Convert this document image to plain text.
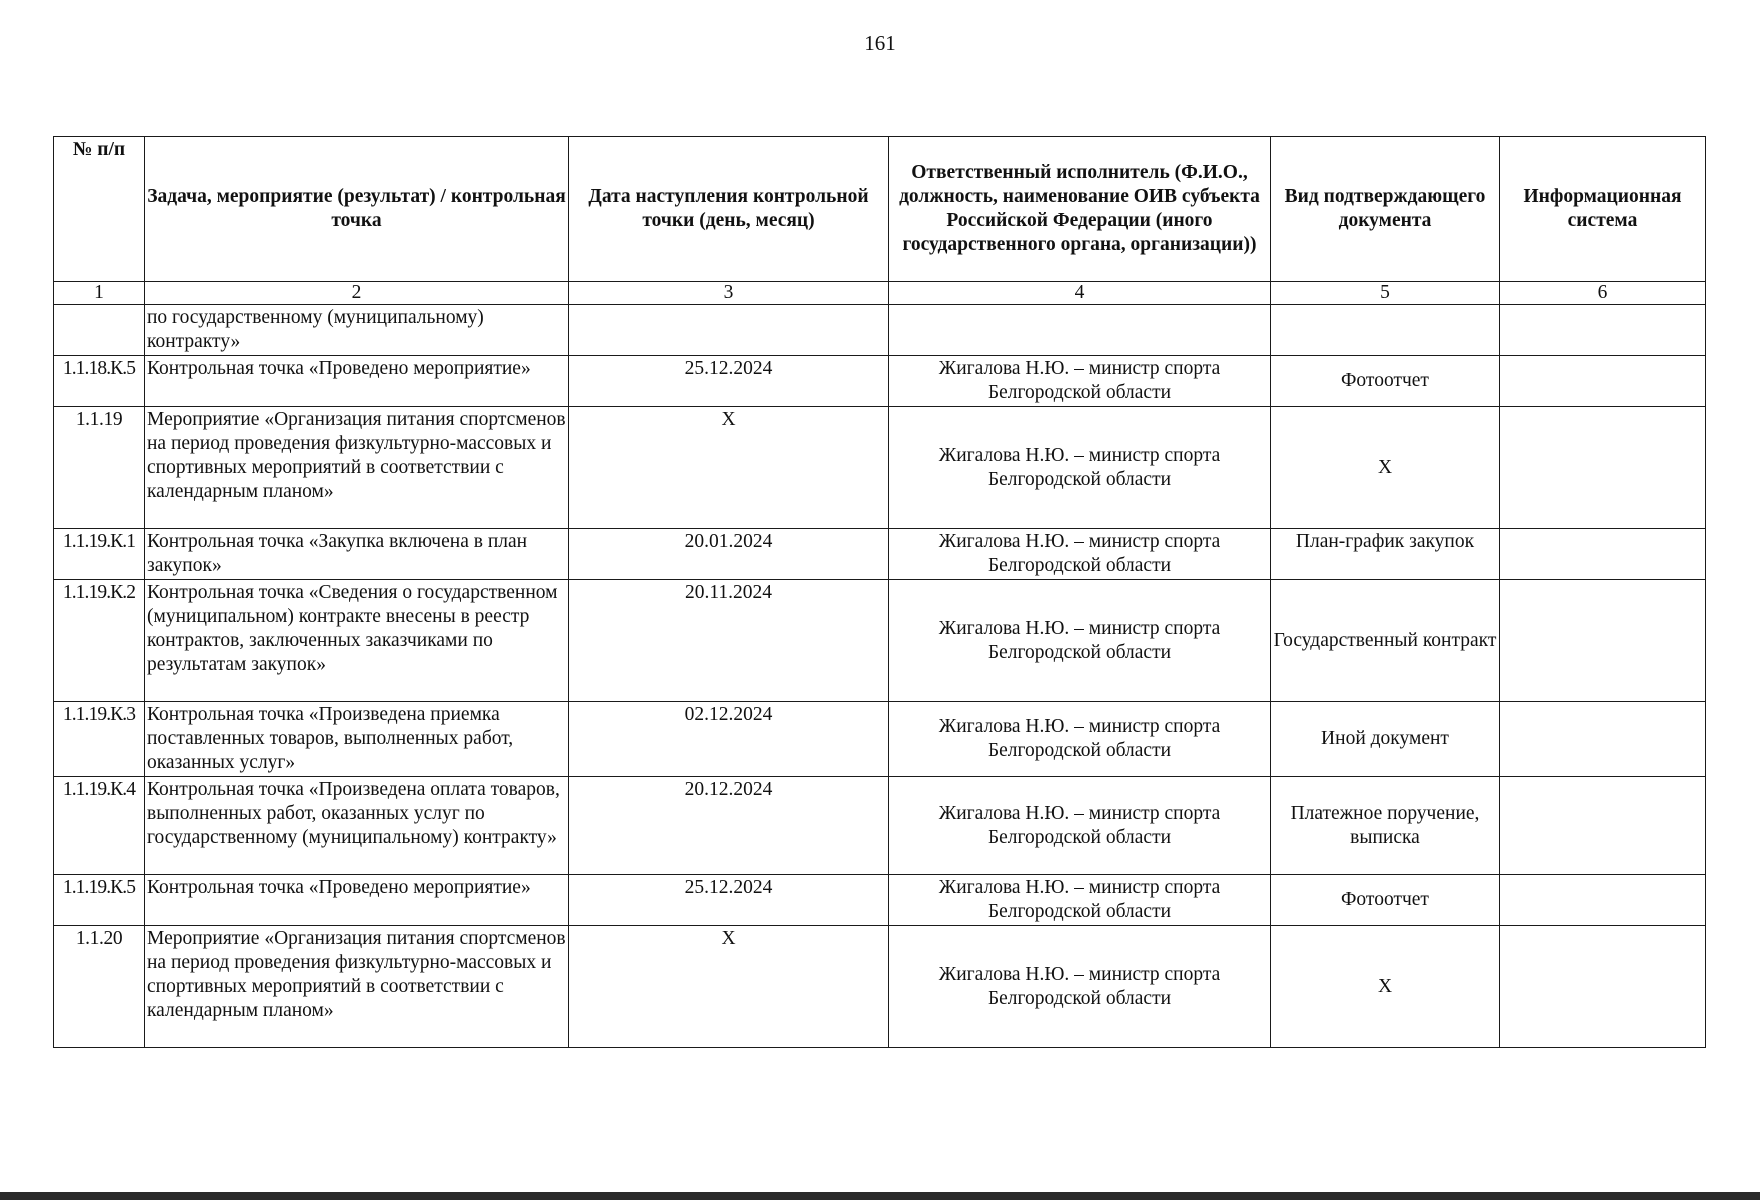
161
№ п/п	Задача, мероприятие (результат) / контрольная точка	Дата наступления контрольной точки (день, месяц)	Ответственный исполнитель (Ф.И.О., должность, наименование ОИВ субъекта Российской Федерации (иного государственного органа, организации))	Вид подтверждающего документа	Информационная система
1	2	3	4	5	6
	по государственному (муниципальному) контракту»				
1.1.18.К.5	Контрольная точка «Проведено мероприятие»	25.12.2024	Жигалова Н.Ю. – министр спорта Белгородской области	Фотоотчет	
1.1.19	Мероприятие «Организация питания спортсменов на период проведения физкультурно-массовых и спортивных мероприятий в соответствии с календарным планом»	Х	Жигалова Н.Ю. – министр спорта Белгородской области	Х	
1.1.19.К.1	Контрольная точка «Закупка включена в план закупок»	20.01.2024	Жигалова Н.Ю. – министр спорта Белгородской области	План-график закупок	
1.1.19.К.2	Контрольная точка «Сведения о государственном (муниципальном) контракте внесены в реестр контрактов, заключенных заказчиками по результатам закупок»	20.11.2024	Жигалова Н.Ю. – министр спорта Белгородской области	Государственный контракт	
1.1.19.К.3	Контрольная точка «Произведена приемка поставленных товаров, выполненных работ, оказанных услуг»	02.12.2024	Жигалова Н.Ю. – министр спорта Белгородской области	Иной документ	
1.1.19.К.4	Контрольная точка «Произведена оплата товаров, выполненных работ, оказанных услуг по государственному (муниципальному) контракту»	20.12.2024	Жигалова Н.Ю. – министр спорта Белгородской области	Платежное поручение, выписка	
1.1.19.К.5	Контрольная точка «Проведено мероприятие»	25.12.2024	Жигалова Н.Ю. – министр спорта Белгородской области	Фотоотчет	
1.1.20	Мероприятие «Организация питания спортсменов на период проведения физкультурно-массовых и спортивных мероприятий в соответствии с календарным планом»	Х	Жигалова Н.Ю. – министр спорта Белгородской области	Х	
